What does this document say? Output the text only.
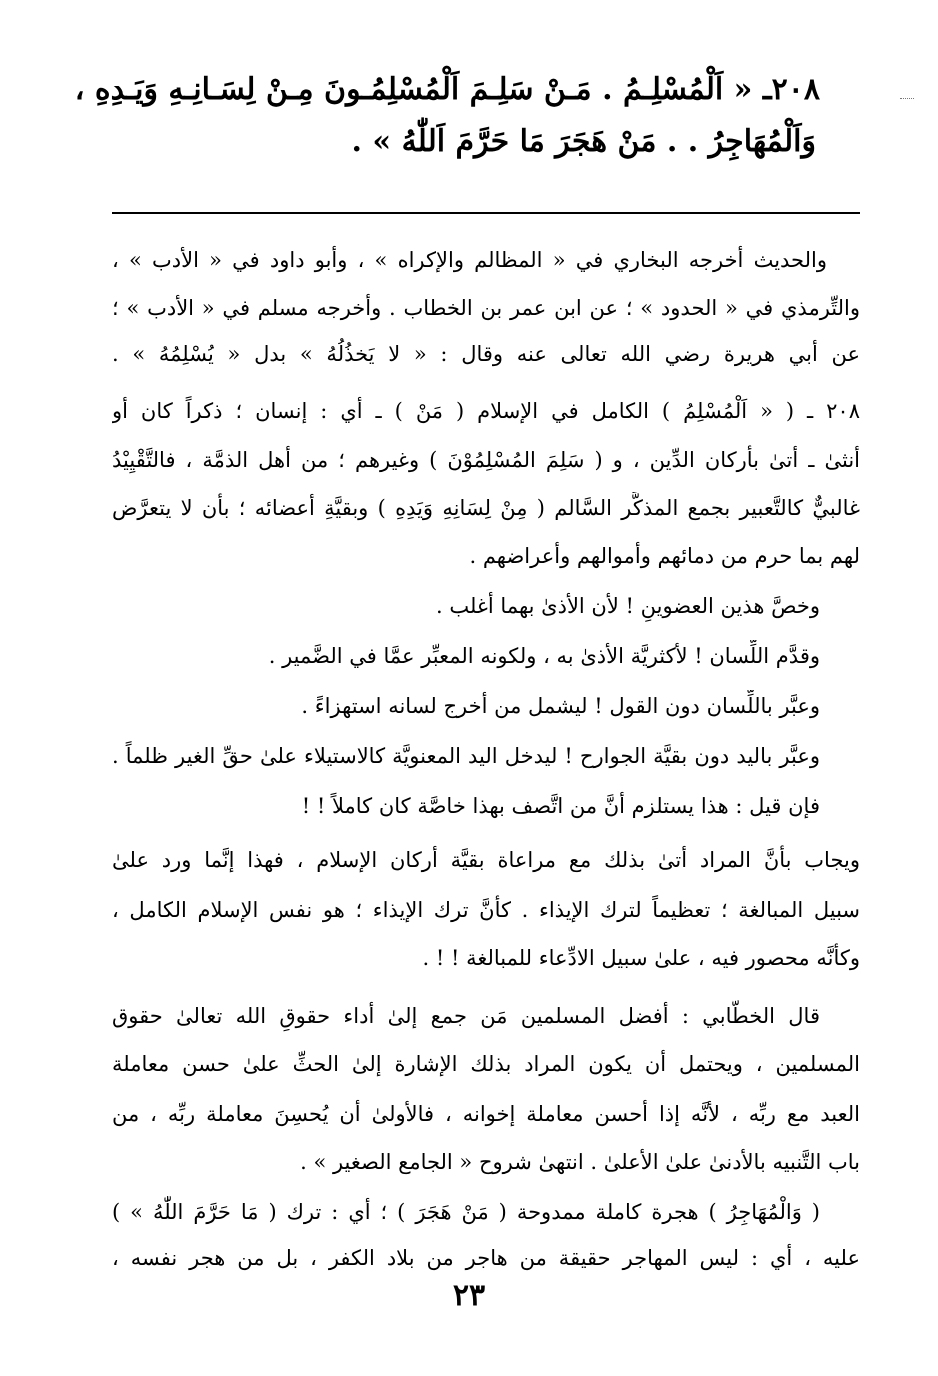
٢٠٨ـ « اَلْمُسْلِـمُ . مَـنْ سَلِـمَ اَلْمُسْلِمُـونَ مِـنْ لِسَـانِـهِ وَيَـدِهِ ،
وَاَلْمُهَاجِرُ . . مَنْ هَجَرَ مَا حَرَّمَ اَللّٰهُ » .
والحديث أخرجه البخاري في « المظالم والإكراه » ، وأبو داود في « الأدب » ،
والتِّرمذي في « الحدود » ؛ عن ابن عمر بن الخطاب . وأخرجه مسلم في « الأدب » ؛
عن أبي هريرة رضي الله تعالى عنه وقال : « لا يَخذُلُهُ » بدل « يُسْلِمُهُ » .
٢٠٨ ـ ( « اَلْمُسْلِمُ ) الكامل في الإسلام ( مَنْ ) ـ أي : إنسان ؛ ذكراً كان أو
أنثىٰ ـ أتىٰ بأركان الدِّين ، و ( سَلِمَ المُسْلِمُوْنَ ) وغيرهم ؛ من أهل الذمَّة ، فالتَّقْيِيْدُ
غالبيٌّ كالتَّعبير بجمع المذكَّر السَّالم ( مِنْ لِسَانِهِ وَيَدِهِ ) وبقيَّةِ أعضائه ؛ بأن لا يتعرَّض
لهم بما حرم من دمائهم وأموالهم وأعراضهم .
وخصَّ هذين العضوينِ ! لأن الأذىٰ بهما أغلب .
وقدَّم اللِّسان ! لأكثريَّة الأذىٰ به ، ولكونه المعبِّر عمَّا في الضَّمير .
وعبَّر باللِّسان دون القول ! ليشمل من أخرج لسانه استهزاءً .
وعبَّر باليد دون بقيَّة الجوارح ! ليدخل اليد المعنويَّة كالاستيلاء علىٰ حقِّ الغير ظلماً .
فإن قيل : هذا يستلزم أنَّ من اتَّصف بهذا خاصَّة كان كاملاً ! !
ويجاب بأنَّ المراد أتىٰ بذلك مع مراعاة بقيَّة أركان الإسلام ، فهذا إنَّما ورد علىٰ
سبيل المبالغة ؛ تعظيماً لترك الإيذاء . كأنَّ ترك الإيذاء ؛ هو نفس الإسلام الكامل ،
وكأنَّه محصور فيه ، علىٰ سبيل الادِّعاء للمبالغة ! ! .
قال الخطَّابي : أفضل المسلمين مَن جمع إلىٰ أداء حقوقِ الله تعالىٰ حقوق
المسلمين ، ويحتمل أن يكون المراد بذلك الإشارة إلىٰ الحثِّ علىٰ حسن معاملة
العبد مع ربِّه ، لأنَّه إذا أحسن معاملة إخوانه ، فالأولىٰ أن يُحسِنَ معاملة ربِّه ، من
باب التَّنبيه بالأدنىٰ علىٰ الأعلىٰ . انتهىٰ شروح « الجامع الصغير » .
( وَالْمُهَاجِرُ ) هجرة كاملة ممدوحة ( مَنْ هَجَرَ ) ؛ أي : ترك ( مَا حَرَّمَ اللّٰهُ » )
عليه ، أي : ليس المهاجر حقيقة من هاجر من بلاد الكفر ، بل من هجر نفسه ،
٢٣
